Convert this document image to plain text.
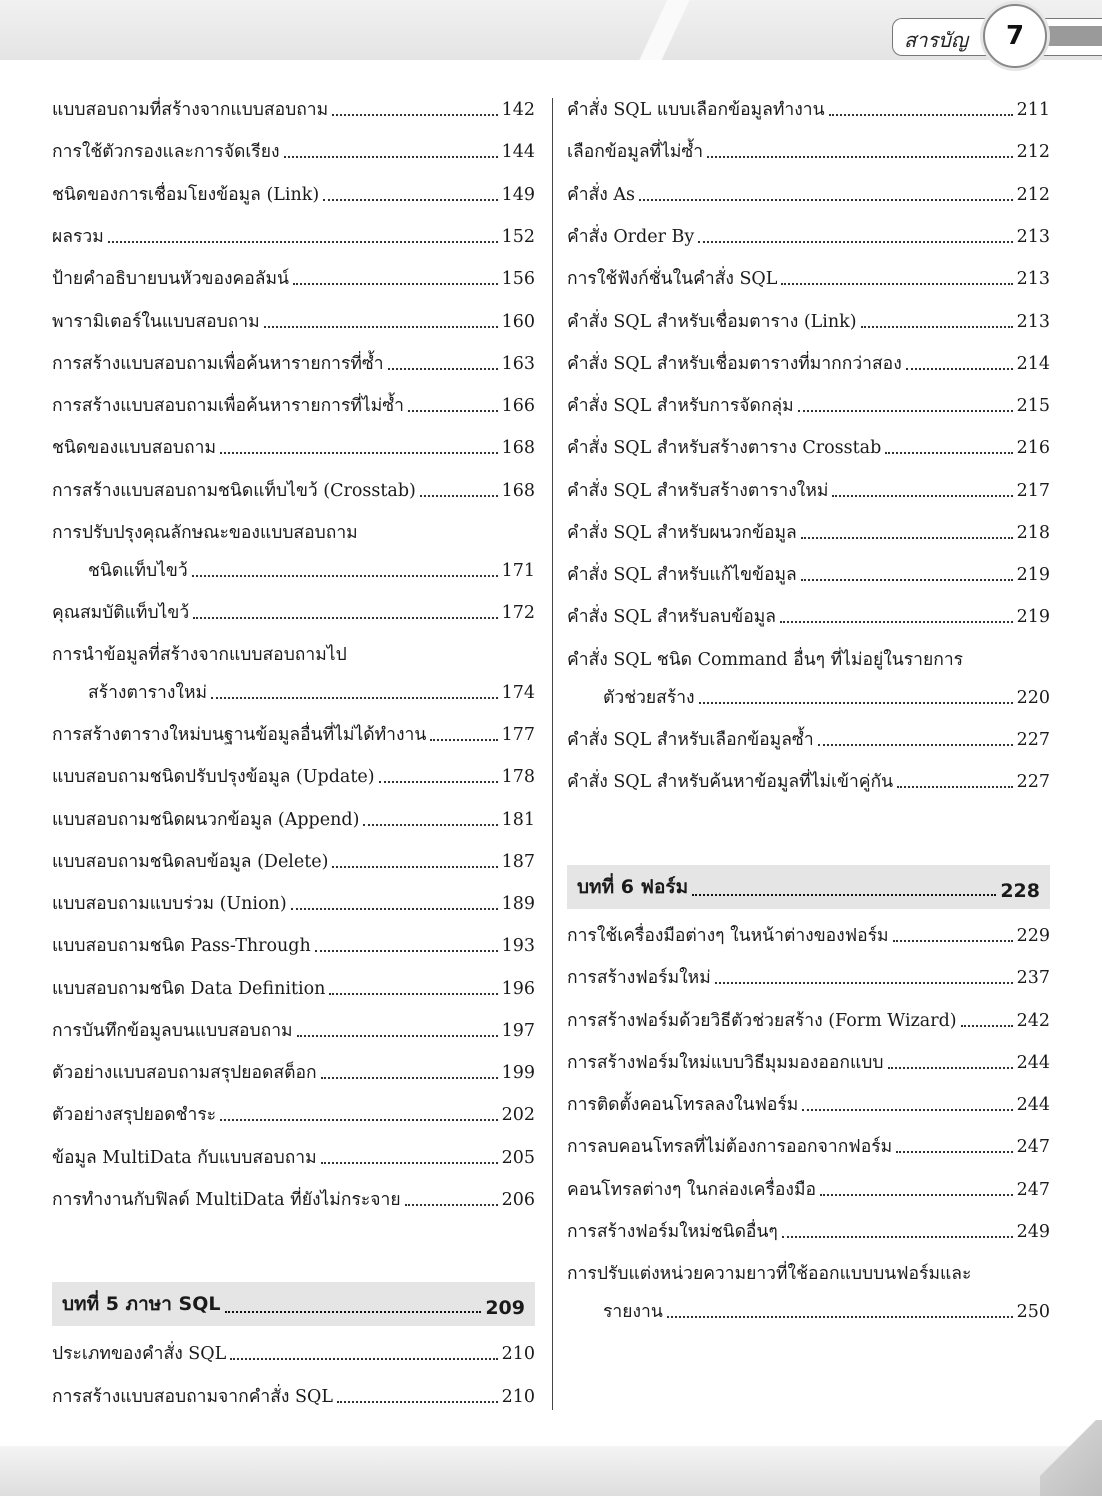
สารบัญ	7
แบบสอบถามที่สร้างจากแบบสอบถาม	142
การใช้ตัวกรองและการจัดเรียง	144
ชนิดของการเชื่อมโยงข้อมูล (Link)	149
ผลรวม	152
ป้ายคำอธิบายบนหัวของคอลัมน์	156
พารามิเตอร์ในแบบสอบถาม	160
การสร้างแบบสอบถามเพื่อค้นหารายการที่ซ้ำ	163
การสร้างแบบสอบถามเพื่อค้นหารายการที่ไม่ซ้ำ	166
ชนิดของแบบสอบถาม	168
การสร้างแบบสอบถามชนิดแท็บไขว้ (Crosstab)	168
การปรับปรุงคุณลักษณะของแบบสอบถาม
ชนิดแท็บไขว้	171
คุณสมบัติแท็บไขว้	172
การนำข้อมูลที่สร้างจากแบบสอบถามไป
สร้างตารางใหม่	174
การสร้างตารางใหม่บนฐานข้อมูลอื่นที่ไม่ได้ทำงาน	177
แบบสอบถามชนิดปรับปรุงข้อมูล (Update)	178
แบบสอบถามชนิดผนวกข้อมูล (Append)	181
แบบสอบถามชนิดลบข้อมูล (Delete)	187
แบบสอบถามแบบร่วม (Union)	189
แบบสอบถามชนิด Pass-Through	193
แบบสอบถามชนิด Data Definition	196
การบันทึกข้อมูลบนแบบสอบถาม	197
ตัวอย่างแบบสอบถามสรุปยอดสต็อก	199
ตัวอย่างสรุปยอดชำระ	202
ข้อมูล MultiData กับแบบสอบถาม	205
การทำงานกับฟิลด์ MultiData ที่ยังไม่กระจาย	206
บทที่ 5 ภาษา SQL	209
ประเภทของคำสั่ง SQL	210
การสร้างแบบสอบถามจากคำสั่ง SQL	210
คำสั่ง SQL แบบเลือกข้อมูลทำงาน	211
เลือกข้อมูลที่ไม่ซ้ำ	212
คำสั่ง As	212
คำสั่ง Order By	213
การใช้ฟังก์ชั่นในคำสั่ง SQL	213
คำสั่ง SQL สำหรับเชื่อมตาราง (Link)	213
คำสั่ง SQL สำหรับเชื่อมตารางที่มากกว่าสอง	214
คำสั่ง SQL สำหรับการจัดกลุ่ม	215
คำสั่ง SQL สำหรับสร้างตาราง Crosstab	216
คำสั่ง SQL สำหรับสร้างตารางใหม่	217
คำสั่ง SQL สำหรับผนวกข้อมูล	218
คำสั่ง SQL สำหรับแก้ไขข้อมูล	219
คำสั่ง SQL สำหรับลบข้อมูล	219
คำสั่ง SQL ชนิด Command อื่นๆ ที่ไม่อยู่ในรายการ
ตัวช่วยสร้าง	220
คำสั่ง SQL สำหรับเลือกข้อมูลซ้ำ	227
คำสั่ง SQL สำหรับค้นหาข้อมูลที่ไม่เข้าคู่กัน	227
บทที่ 6 ฟอร์ม	228
การใช้เครื่องมือต่างๆ ในหน้าต่างของฟอร์ม	229
การสร้างฟอร์มใหม่	237
การสร้างฟอร์มด้วยวิธีตัวช่วยสร้าง (Form Wizard)	242
การสร้างฟอร์มใหม่แบบวิธีมุมมองออกแบบ	244
การติดตั้งคอนโทรลลงในฟอร์ม	244
การลบคอนโทรลที่ไม่ต้องการออกจากฟอร์ม	247
คอนโทรลต่างๆ ในกล่องเครื่องมือ	247
การสร้างฟอร์มใหม่ชนิดอื่นๆ	249
การปรับแต่งหน่วยความยาวที่ใช้ออกแบบบนฟอร์มและ
รายงาน	250
